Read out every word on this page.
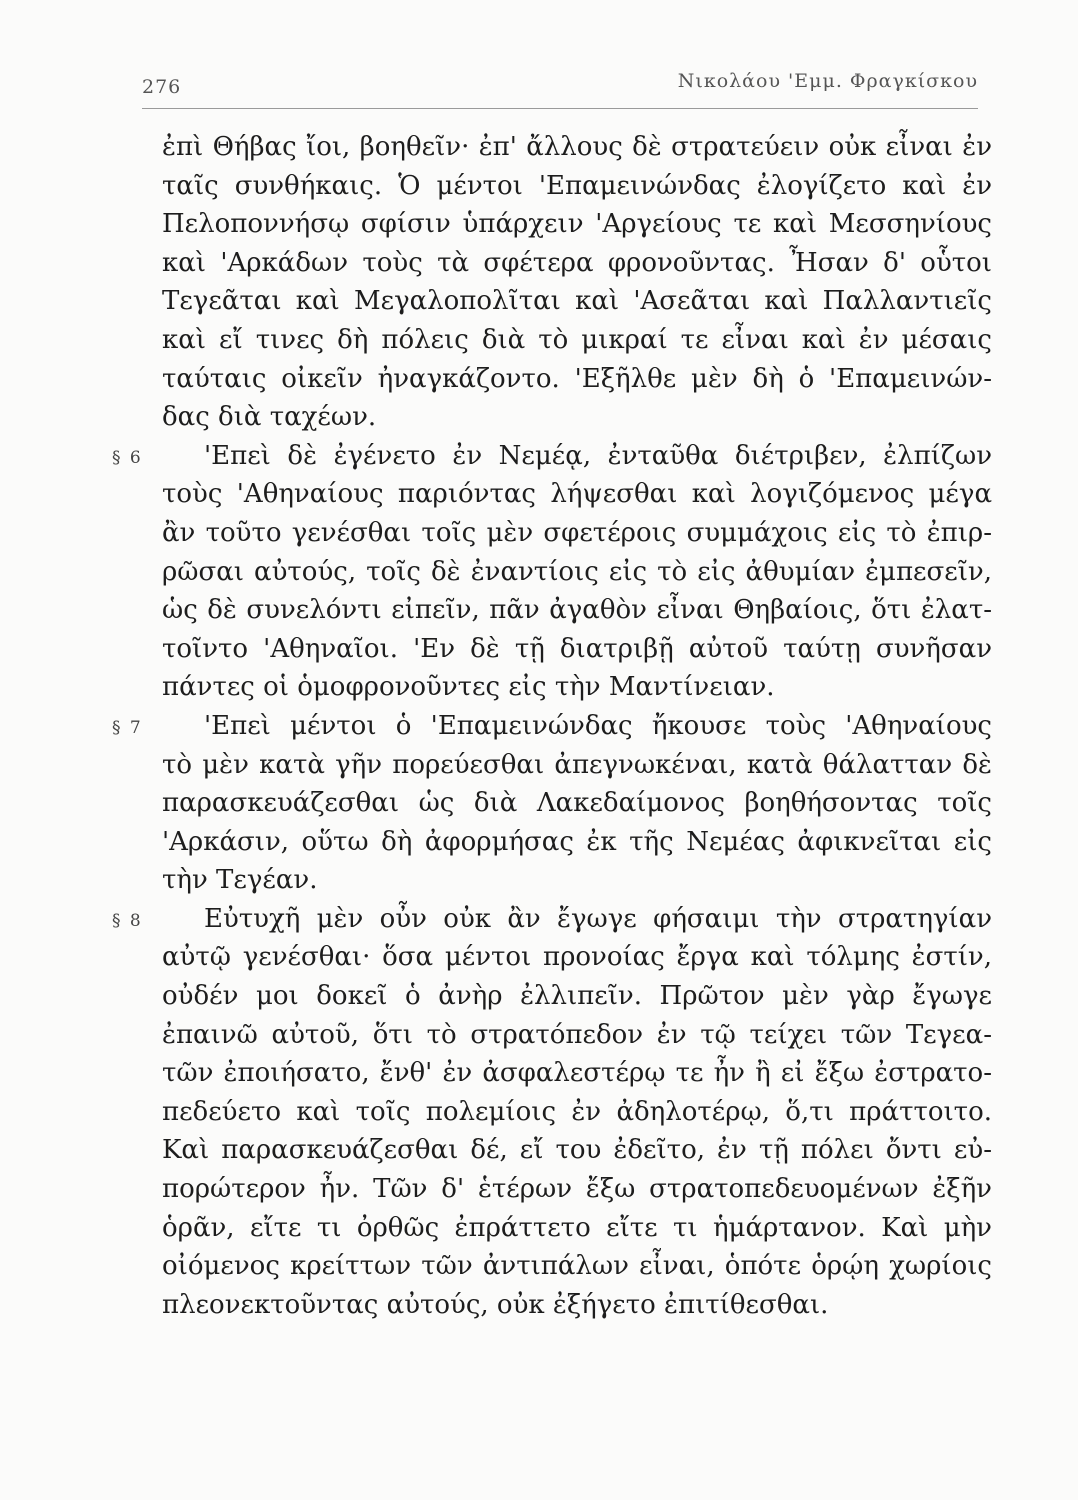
276	Νικολάου 'Εμμ. Φραγκίσκου
ἐπὶ Θήβας ἴοι, βοηθεῖν· ἐπ' ἄλλους δὲ στρατεύειν οὐκ εἶναι ἐν
ταῖς συνθήκαις. Ὁ μέντοι 'Επαμεινώνδας ἐλογίζετο καὶ ἐν
Πελοποννήσῳ σφίσιν ὑπάρχειν 'Αργείους τε καὶ Μεσσηνίους
καὶ 'Αρκάδων τοὺς τὰ σφέτερα φρονοῦντας. Ἦσαν δ' οὗτοι
Τεγεᾶται καὶ Μεγαλοπολῖται καὶ 'Ασεᾶται καὶ Παλλαντιεῖς
καὶ εἴ τινες δὴ πόλεις διὰ τὸ μικραί τε εἶναι καὶ ἐν μέσαις
ταύταις οἰκεῖν ἠναγκάζοντο. 'Εξῆλθε μὲν δὴ ὁ 'Επαμεινών-
δας διὰ ταχέων.
§ 6 'Επεὶ δὲ ἐγένετο ἐν Νεμέᾳ, ἐνταῦθα διέτριβεν, ἐλπίζων
τοὺς 'Αθηναίους παριόντας λήψεσθαι καὶ λογιζόμενος μέγα
ἂν τοῦτο γενέσθαι τοῖς μὲν σφετέροις συμμάχοις εἰς τὸ ἐπιρ-
ρῶσαι αὐτούς, τοῖς δὲ ἐναντίοις εἰς τὸ εἰς ἀθυμίαν ἐμπεσεῖν,
ὡς δὲ συνελόντι εἰπεῖν, πᾶν ἀγαθὸν εἶναι Θηβαίοις, ὅτι ἐλατ-
τοῖντο 'Αθηναῖοι. 'Εν δὲ τῇ διατριβῇ αὐτοῦ ταύτῃ συνῆσαν
πάντες οἱ ὁμοφρονοῦντες εἰς τὴν Μαντίνειαν.
§ 7 'Επεὶ μέντοι ὁ 'Επαμεινώνδας ἤκουσε τοὺς 'Αθηναίους
τὸ μὲν κατὰ γῆν πορεύεσθαι ἀπεγνωκέναι, κατὰ θάλατταν δὲ
παρασκευάζεσθαι ὡς διὰ Λακεδαίμονος βοηθήσοντας τοῖς
'Αρκάσιν, οὕτω δὴ ἀφορμήσας ἐκ τῆς Νεμέας ἀφικνεῖται εἰς
τὴν Τεγέαν.
§ 8 Εὐτυχῆ μὲν οὖν οὐκ ἂν ἔγωγε φήσαιμι τὴν στρατηγίαν
αὐτῷ γενέσθαι· ὅσα μέντοι προνοίας ἔργα καὶ τόλμης ἐστίν,
οὐδέν μοι δοκεῖ ὁ ἀνὴρ ἐλλιπεῖν. Πρῶτον μὲν γὰρ ἔγωγε
ἐπαινῶ αὐτοῦ, ὅτι τὸ στρατόπεδον ἐν τῷ τείχει τῶν Τεγεα-
τῶν ἐποιήσατο, ἔνθ' ἐν ἀσφαλεστέρῳ τε ἦν ἢ εἰ ἔξω ἐστρατο-
πεδεύετο καὶ τοῖς πολεμίοις ἐν ἀδηλοτέρῳ, ὅ,τι πράττοιτο.
Καὶ παρασκευάζεσθαι δέ, εἴ του ἐδεῖτο, ἐν τῇ πόλει ὄντι εὐ-
πορώτερον ἦν. Τῶν δ' ἑτέρων ἔξω στρατοπεδευομένων ἐξῆν
ὁρᾶν, εἴτε τι ὀρθῶς ἐπράττετο εἴτε τι ἡμάρτανον. Καὶ μὴν
οἰόμενος κρείττων τῶν ἀντιπάλων εἶναι, ὁπότε ὁρῴη χωρίοις
πλεονεκτοῦντας αὐτούς, οὐκ ἐξήγετο ἐπιτίθεσθαι.
